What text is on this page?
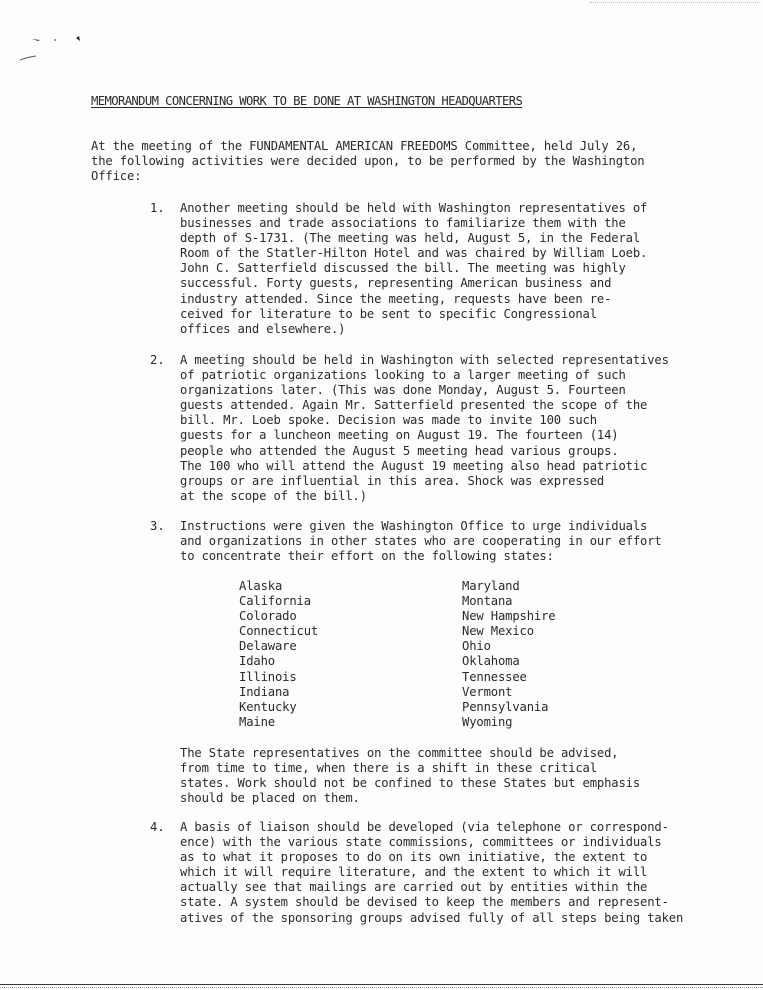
MEMORANDUM CONCERNING WORK TO BE DONE AT WASHINGTON HEADQUARTERS
At the meeting of the FUNDAMENTAL AMERICAN FREEDOMS Committee, held July 26,
the following activities were decided upon, to be performed by the Washington
Office:
1. Another meeting should be held with Washington representatives of
businesses and trade associations to familiarize them with the
depth of S-1731. (The meeting was held, August 5, in the Federal
Room of the Statler-Hilton Hotel and was chaired by William Loeb.
John C. Satterfield discussed the bill. The meeting was highly
successful. Forty guests, representing American business and
industry attended. Since the meeting, requests have been re-
ceived for literature to be sent to specific Congressional
offices and elsewhere.)
2. A meeting should be held in Washington with selected representatives
of patriotic organizations looking to a larger meeting of such
organizations later. (This was done Monday, August 5. Fourteen
guests attended. Again Mr. Satterfield presented the scope of the
bill. Mr. Loeb spoke. Decision was made to invite 100 such
guests for a luncheon meeting on August 19. The fourteen (14)
people who attended the August 5 meeting head various groups.
The 100 who will attend the August 19 meeting also head patriotic
groups or are influential in this area. Shock was expressed
at the scope of the bill.)
3. Instructions were given the Washington Office to urge individuals
and organizations in other states who are cooperating in our effort
to concentrate their effort on the following states:
Alaska
California
Colorado
Connecticut
Delaware
Idaho
Illinois
Indiana
Kentucky
Maine
Maryland
Montana
New Hampshire
New Mexico
Ohio
Oklahoma
Tennessee
Vermont
Pennsylvania
Wyoming
The State representatives on the committee should be advised,
from time to time, when there is a shift in these critical
states. Work should not be confined to these States but emphasis
should be placed on them.
4. A basis of liaison should be developed (via telephone or correspond-
ence) with the various state commissions, committees or individuals
as to what it proposes to do on its own initiative, the extent to
which it will require literature, and the extent to which it will
actually see that mailings are carried out by entities within the
state. A system should be devised to keep the members and represent-
atives of the sponsoring groups advised fully of all steps being taken
